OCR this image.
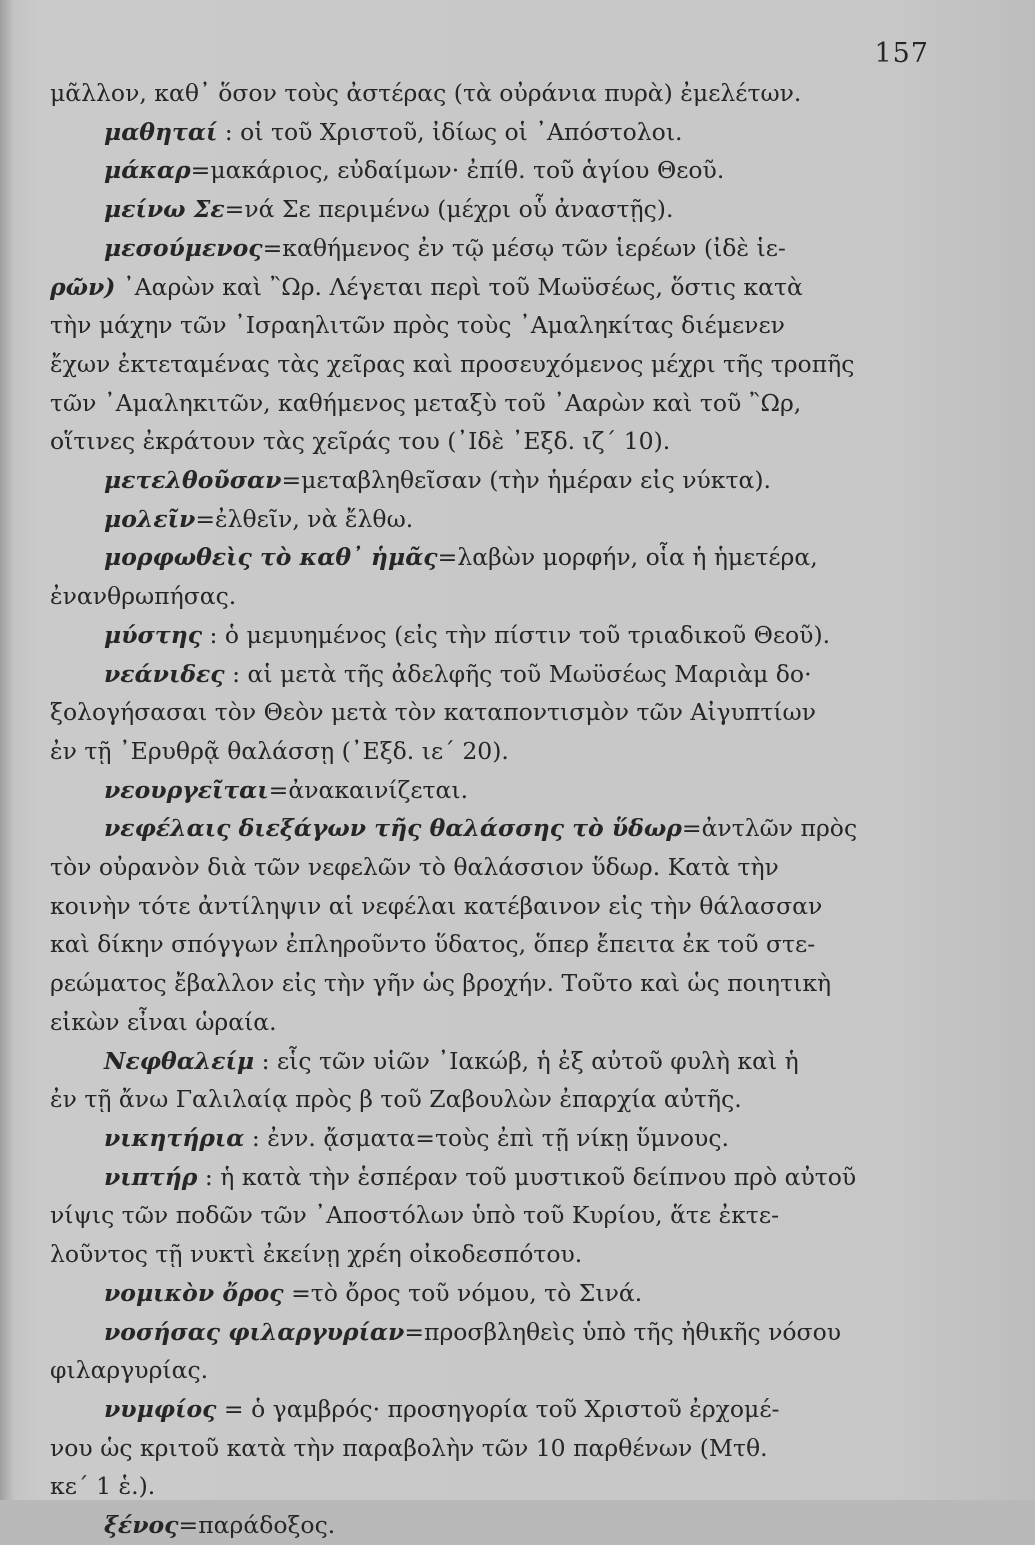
157
μᾶλλον, καθ᾽ ὅσον τοὺς ἀστέρας (τὰ οὐράνια πυρὰ) ἐμελέτων.
μαθηταί : οἱ τοῦ Χριστοῦ, ἰδίως οἱ ᾽Απόστολοι.
μάκαρ=μακάριος, εὐδαίμων· ἐπίθ. τοῦ ἁγίου Θεοῦ.
μείνω Σε=νά Σε περιμένω (μέχρι οὗ ἀναστῇς).
μεσούμενος=καθήμενος ἐν τῷ μέσῳ τῶν ἱερέων (ἰδὲ ἱε-
ρῶν) ᾽Ααρὼν καὶ ῍Ωρ. Λέγεται περὶ τοῦ Μωϋσέως, ὅστις κατὰ
τὴν μάχην τῶν ᾽Ισραηλιτῶν πρὸς τοὺς ᾽Αμαληκίτας διέμενεν
ἔχων ἐκτεταμένας τὰς χεῖρας καὶ προσευχόμενος μέχρι τῆς τροπῆς
τῶν ᾽Αμαληκιτῶν, καθήμενος μεταξὺ τοῦ ᾽Ααρὼν καὶ τοῦ ῍Ωρ,
οἵτινες ἐκράτουν τὰς χεῖράς του (᾽Ιδὲ ᾽Εξδ. ιζ´ 10).
μετελθοῦσαν=μεταβληθεῖσαν (τὴν ἡμέραν εἰς νύκτα).
μολεῖν=ἐλθεῖν, νὰ ἔλθω.
μορφωθεὶς τὸ καθ᾽ ἡμᾶς=λαβὼν μορφήν, οἷα ἡ ἡμετέρα,
ἐνανθρωπήσας.
μύστης : ὁ μεμυημένος (εἰς τὴν πίστιν τοῦ τριαδικοῦ Θεοῦ).
νεάνιδες : αἱ μετὰ τῆς ἀδελφῆς τοῦ Μωϋσέως Μαριὰμ δο·
ξολογήσασαι τὸν Θεὸν μετὰ τὸν καταποντισμὸν τῶν Αἰγυπτίων
ἐν τῇ ᾽Ερυθρᾷ θαλάσσῃ (᾽Εξδ. ιε´ 20).
νεουργεῖται=ἀνακαινίζεται.
νεφέλαις διεξάγων τῆς θαλάσσης τὸ ὕδωρ=ἀντλῶν πρὸς
τὸν οὐρανὸν διὰ τῶν νεφελῶν τὸ θαλάσσιον ὕδωρ. Κατὰ τὴν
κοινὴν τότε ἀντίληψιν αἱ νεφέλαι κατέβαινον εἰς τὴν θάλασσαν
καὶ δίκην σπόγγων ἐπληροῦντο ὕδατος, ὅπερ ἔπειτα ἐκ τοῦ στε-
ρεώματος ἔβαλλον εἰς τὴν γῆν ὡς βροχήν. Τοῦτο καὶ ὡς ποιητικὴ
εἰκὼν εἶναι ὡραία.
Νεφθαλείμ : εἷς τῶν υἱῶν ᾽Ιακώβ, ἡ ἐξ αὐτοῦ φυλὴ καὶ ἡ
ἐν τῇ ἄνω Γαλιλαίᾳ πρὸς β τοῦ Ζαβουλὼν ἐπαρχία αὐτῆς.
νικητήρια : ἐνν. ᾄσματα=τοὺς ἐπὶ τῇ νίκῃ ὕμνους.
νιπτήρ : ἡ κατὰ τὴν ἑσπέραν τοῦ μυστικοῦ δείπνου πρὸ αὐτοῦ
νίψις τῶν ποδῶν τῶν ᾽Αποστόλων ὑπὸ τοῦ Κυρίου, ἅτε ἐκτε-
λοῦντος τῇ νυκτὶ ἐκείνῃ χρέη οἰκοδεσπότου.
νομικὸν ὄρος =τὸ ὄρος τοῦ νόμου, τὸ Σινά.
νοσήσας φιλαργυρίαν=προσβληθεὶς ὑπὸ τῆς ἠθικῆς νόσου
φιλαργυρίας.
νυμφίος = ὁ γαμβρός· προσηγορία τοῦ Χριστοῦ ἐρχομέ-
νου ὡς κριτοῦ κατὰ τὴν παραβολὴν τῶν 10 παρθένων (Μτθ.
κε´ 1 ἑ.).
ξένος=παράδοξος.
